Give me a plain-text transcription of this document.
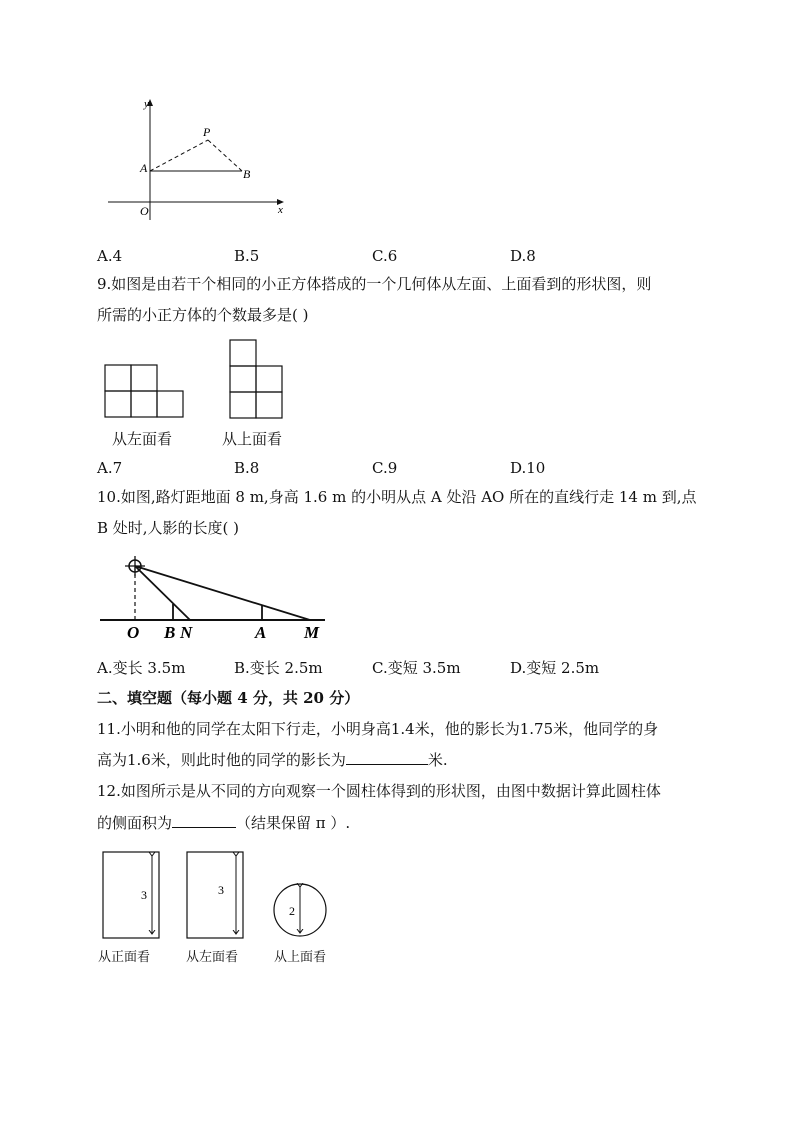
y
x
O
A	B
P
A.4	B.5	C.6	D.8
9.如图是由若干个相同的小正方体搭成的一个几何体从左面、上面看到的形状图，则
所需的小正方体的个数最多是( )
从左面看	从上面看
A.7	B.8	C.9	D.10
10.如图,路灯距地面 8 m,身高 1.6 m 的小明从点 A 处沿 AO 所在的直线行走 14 m 到,点
B 处时,人影的长度( )
O B N	A M
A.变长 3.5m	B.变长 2.5m	C.变短 3.5m	D.变短 2.5m
二、填空题（每小题 4 分，共 20 分）
11.小明和他的同学在太阳下行走，小明身高1.4米，他的影长为1.75米，他同学的身
高为1.6米，则此时他的同学的影长为	米.
12.如图所示是从不同的方向观察一个圆柱体得到的形状图，由图中数据计算此圆柱体
的侧面积为	（结果保留 π ）.
3	3
2
从正面看	从左面看	从上面看
